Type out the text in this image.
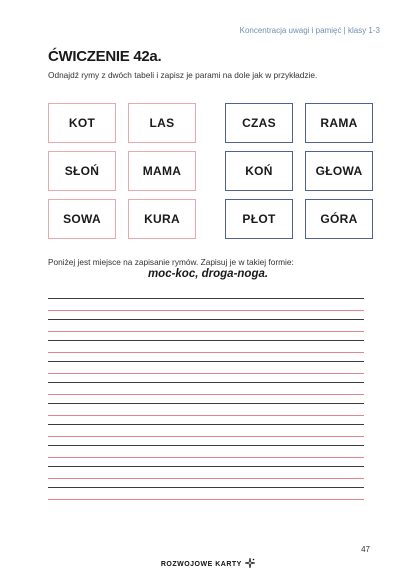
Koncentracja uwagi i pamięć | klasy 1-3
ĆWICZENIE 42a.
Odnajdź rymy z dwóch tabeli i zapisz je parami na dole jak w przykładzie.
KOT	LAS
SŁOŃ	MAMA
SOWA	KURA
CZAS	RAMA
KOŃ	GŁOWA
PŁOT	GÓRA
Poniżej jest miejsce na zapisanie rymów. Zapisuj je w takiej formie:
moc-koc, droga-noga.
47
ROZWOJOWE KARTY
